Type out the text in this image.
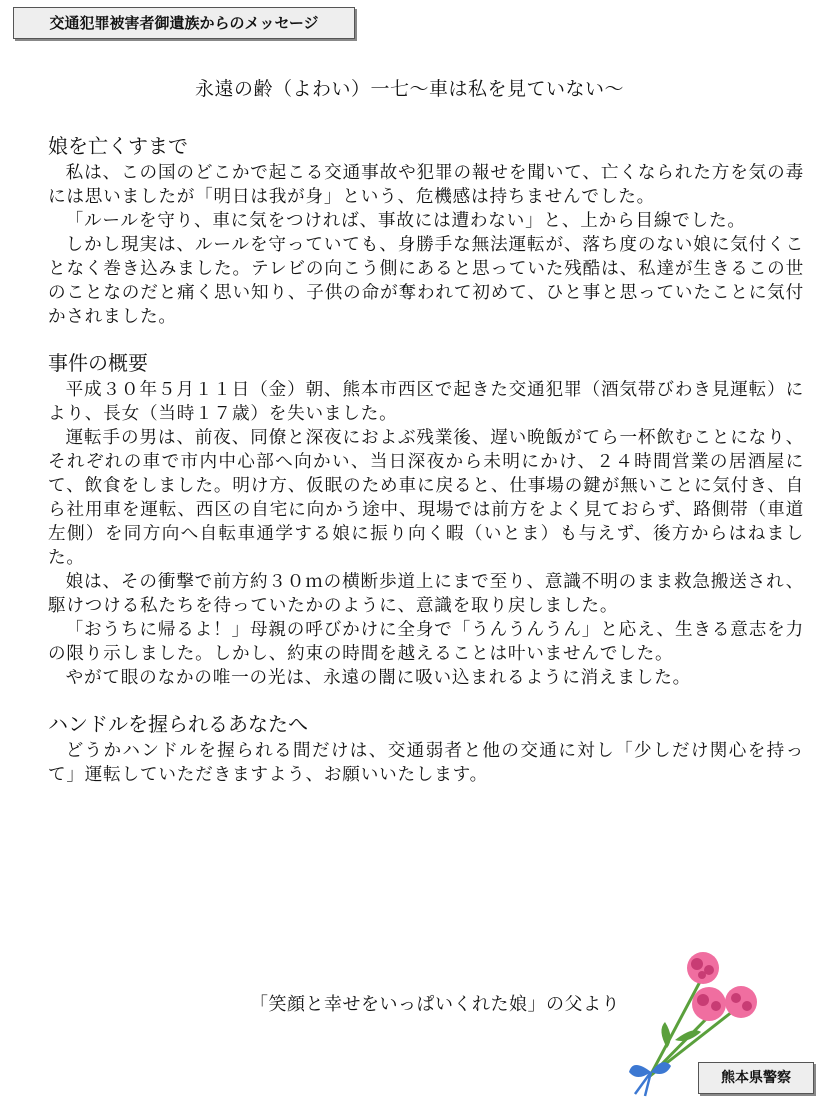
交通犯罪被害者御遺族からのメッセージ
永遠の齢（よわい）一七～車は私を見ていない～
娘を亡くすまで

私は、この国のどこかで起こる交通事故や犯罪の報せを聞いて、亡くなられた方を気の毒には思いましたが「明日は我が身」という、危機感は持ちませんでした。

「ルールを守り、車に気をつければ、事故には遭わない」と、上から目線でした。

しかし現実は、ルールを守っていても、身勝手な無法運転が、落ち度のない娘に気付くことなく巻き込みました。テレビの向こう側にあると思っていた残酷は、私達が生きるこの世のことなのだと痛く思い知り、子供の命が奪われて初めて、ひと事と思っていたことに気付かされました。

事件の概要

平成３０年５月１１日（金）朝、熊本市西区で起きた交通犯罪（酒気帯びわき見運転）により、長女（当時１７歳）を失いました。

運転手の男は、前夜、同僚と深夜におよぶ残業後、遅い晩飯がてら一杯飲むことになり、それぞれの車で市内中心部へ向かい、当日深夜から未明にかけ、２４時間営業の居酒屋にて、飲食をしました。明け方、仮眠のため車に戻ると、仕事場の鍵が無いことに気付き、自ら社用車を運転、西区の自宅に向かう途中、現場では前方をよく見ておらず、路側帯（車道左側）を同方向へ自転車通学する娘に振り向く暇（いとま）も与えず、後方からはねました。

娘は、その衝撃で前方約３０ｍの横断歩道上にまで至り、意識不明のまま救急搬送され、駆けつける私たちを待っていたかのように、意識を取り戻しました。

「おうちに帰るよ！」母親の呼びかけに全身で「うんうんうん」と応え、生きる意志を力の限り示しました。しかし、約束の時間を越えることは叶いませんでした。

やがて眼のなかの唯一の光は、永遠の闇に吸い込まれるように消えました。

ハンドルを握られるあなたへ

どうかハンドルを握られる間だけは、交通弱者と他の交通に対し「少しだけ関心を持って」運転していただきますよう、お願いいたします。

「笑顔と幸せをいっぱいくれた娘」の父より
熊本県警察
